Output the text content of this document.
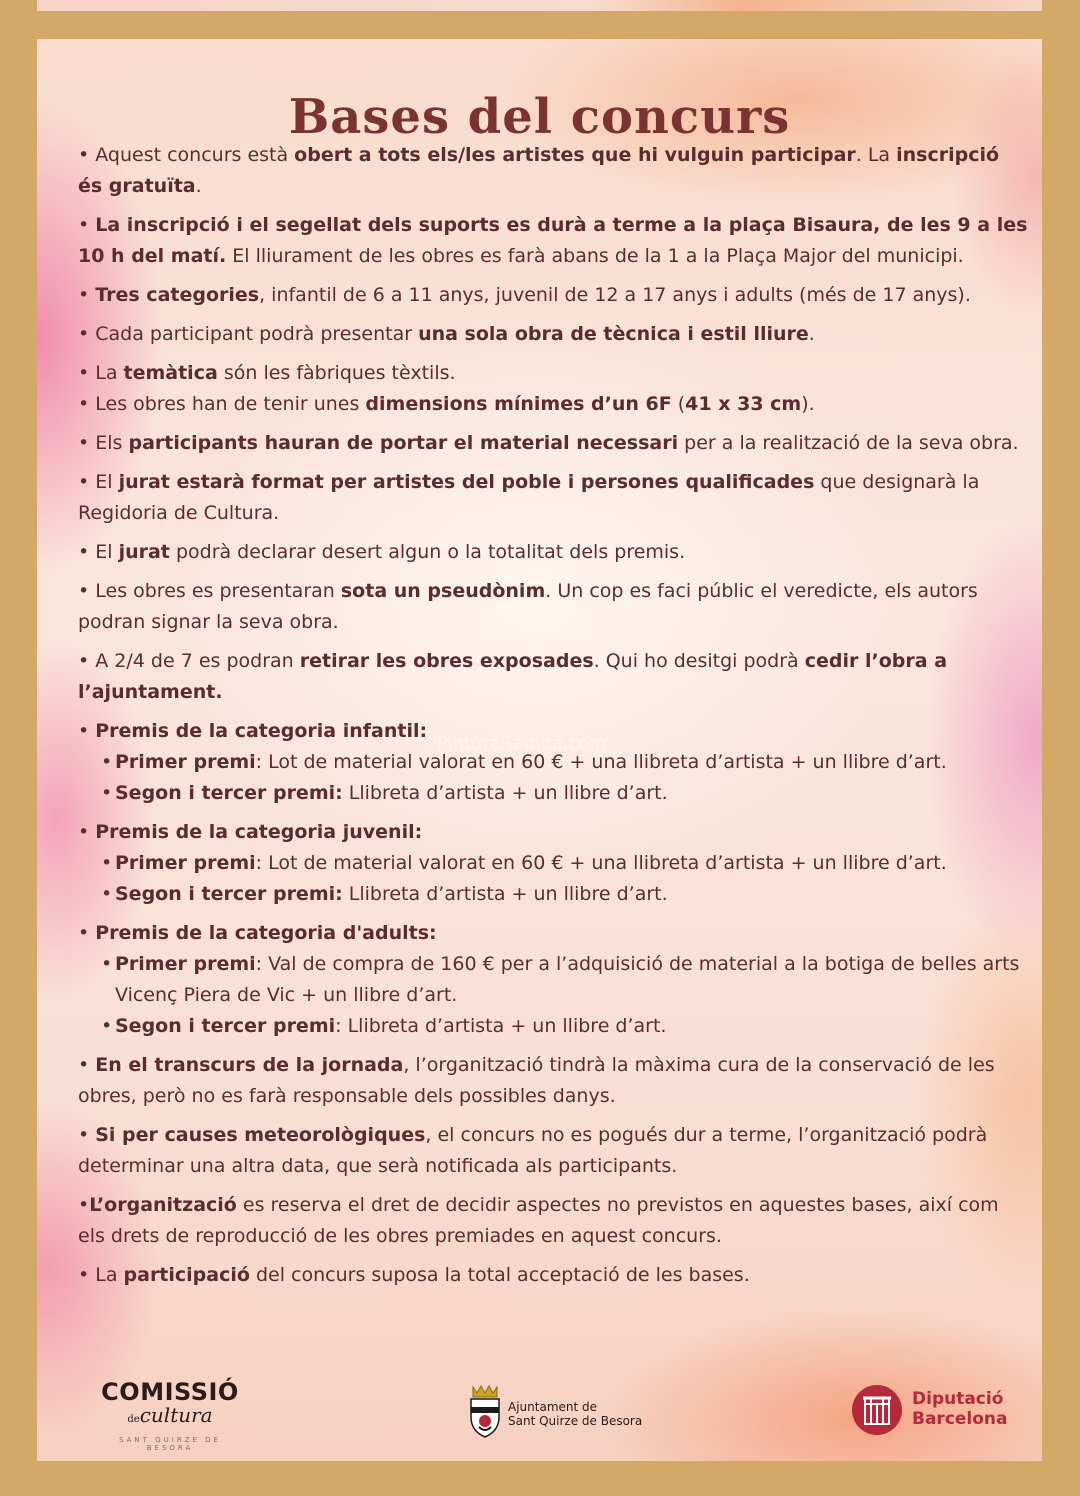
Bases del concurs
PinturaRapida.com

• Aquest concurs està obert a tots els/les artistes que hi vulguin participar. La inscripció és gratuïta.

• La inscripció i el segellat dels suports es durà a terme a la plaça Bisaura, de les 9 a les 10 h del matí. El lliurament de les obres es farà abans de la 1 a la Plaça Major del municipi.

• Tres categories, infantil de 6 a 11 anys, juvenil de 12 a 17 anys i adults (més de 17 anys).

• Cada participant podrà presentar una sola obra de tècnica i estil lliure.

• La temàtica són les fàbriques tèxtils.

• Les obres han de tenir unes dimensions mínimes d’un 6F (41 x 33 cm).

• Els participants hauran de portar el material necessari per a la realització de la seva obra.

• El jurat estarà format per artistes del poble i persones qualificades que designarà la Regidoria de Cultura.

• El jurat podrà declarar desert algun o la totalitat dels premis.

• Les obres es presentaran sota un pseudònim. Un cop es faci públic el veredicte, els autors podran signar la seva obra.

• A 2/4 de 7 es podran retirar les obres exposades. Qui ho desitgi podrà cedir l’obra a l’ajuntament.

• Premis de la categoria infantil:
• Primer premi: Lot de material valorat en 60 € + una llibreta d’artista + un llibre d’art.
• Segon i tercer premi: Llibreta d’artista + un llibre d’art.
• Premis de la categoria juvenil:
• Primer premi: Lot de material valorat en 60 € + una llibreta d’artista + un llibre d’art.
• Segon i tercer premi: Llibreta d’artista + un llibre d’art.
• Premis de la categoria d'adults:
• Primer premi: Val de compra de 160 € per a l’adquisició de material a la botiga de belles arts Vicenç Piera de Vic + un llibre d’art.
• Segon i tercer premi: Llibreta d’artista + un llibre d’art.

• En el transcurs de la jornada, l’organització tindrà la màxima cura de la conservació de les obres, però no es farà responsable dels possibles danys.

• Si per causes meteorològiques, el concurs no es pogués dur a terme, l’organització podrà determinar una altra data, que serà notificada als participants.

•L’organització es reserva el dret de decidir aspectes no previstos en aquestes bases, així com els drets de reproducció de les obres premiades en aquest concurs.

• La participació del concurs suposa la total acceptació de les bases.

COMISSIÓ
decultura
SANT QUIRZE DE BESORA
Ajuntament de
Sant Quirze de Besora
Diputació
Barcelona
